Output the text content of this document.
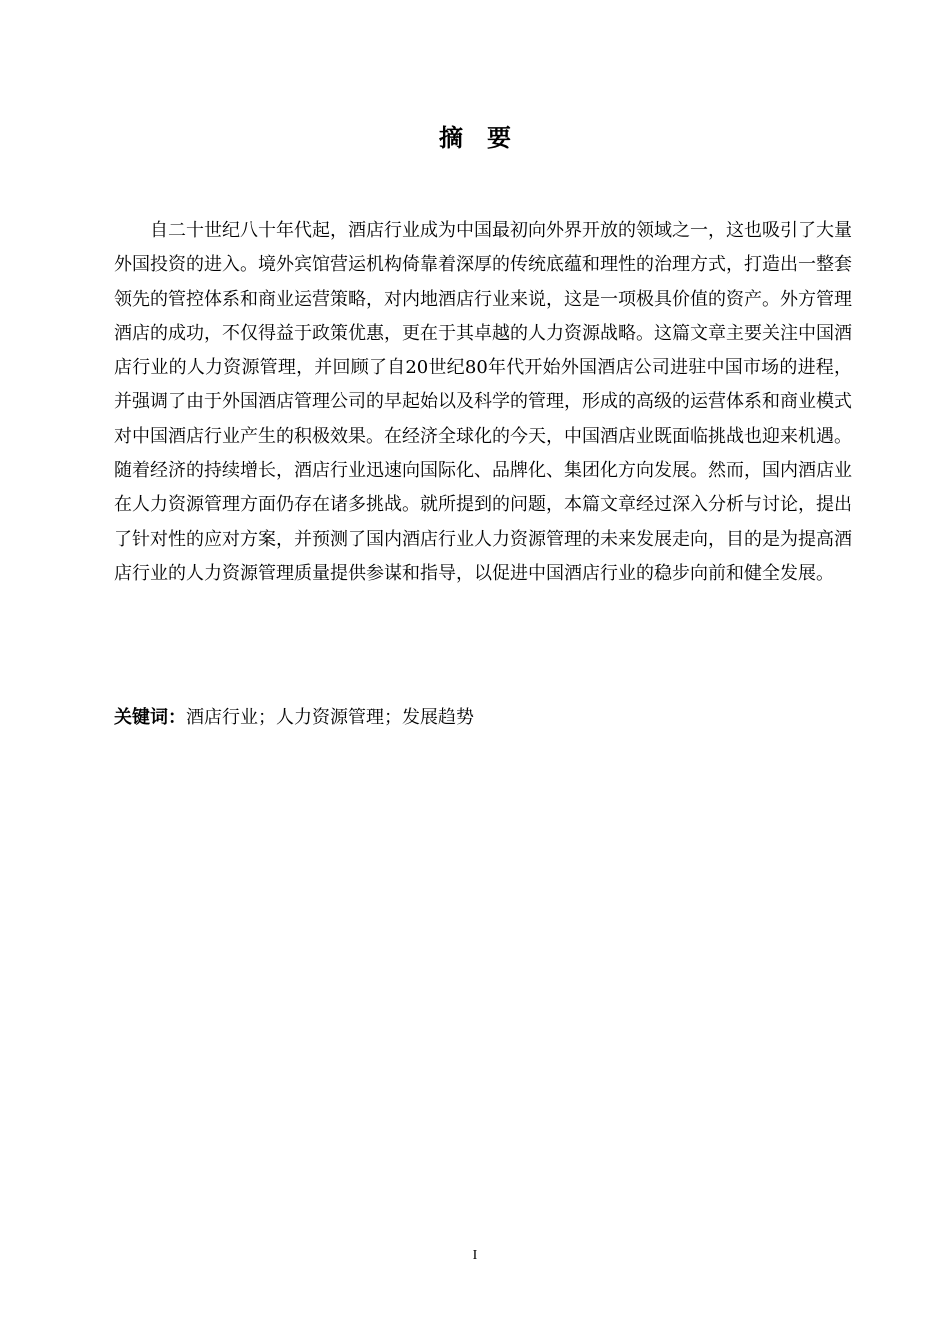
摘要

自二十世纪八十年代起，酒店行业成为中国最初向外界开放的领域之一，这也吸引了大量外国投资的进入。境外宾馆营运机构倚靠着深厚的传统底蕴和理性的治理方式，打造出一整套领先的管控体系和商业运营策略，对内地酒店行业来说，这是一项极具价值的资产。外方管理酒店的成功，不仅得益于政策优惠，更在于其卓越的人力资源战略。这篇文章主要关注中国酒店行业的人力资源管理，并回顾了自20世纪80年代开始外国酒店公司进驻中国市场的进程，并强调了由于外国酒店管理公司的早起始以及科学的管理，形成的高级的运营体系和商业模式对中国酒店行业产生的积极效果。在经济全球化的今天，中国酒店业既面临挑战也迎来机遇。随着经济的持续增长，酒店行业迅速向国际化、品牌化、集团化方向发展。然而，国内酒店业在人力资源管理方面仍存在诸多挑战。就所提到的问题，本篇文章经过深入分析与讨论，提出了针对性的应对方案，并预测了国内酒店行业人力资源管理的未来发展走向，目的是为提高酒店行业的人力资源管理质量提供参谋和指导，以促进中国酒店行业的稳步向前和健全发展。

关键词：酒店行业；人力资源管理；发展趋势

I
